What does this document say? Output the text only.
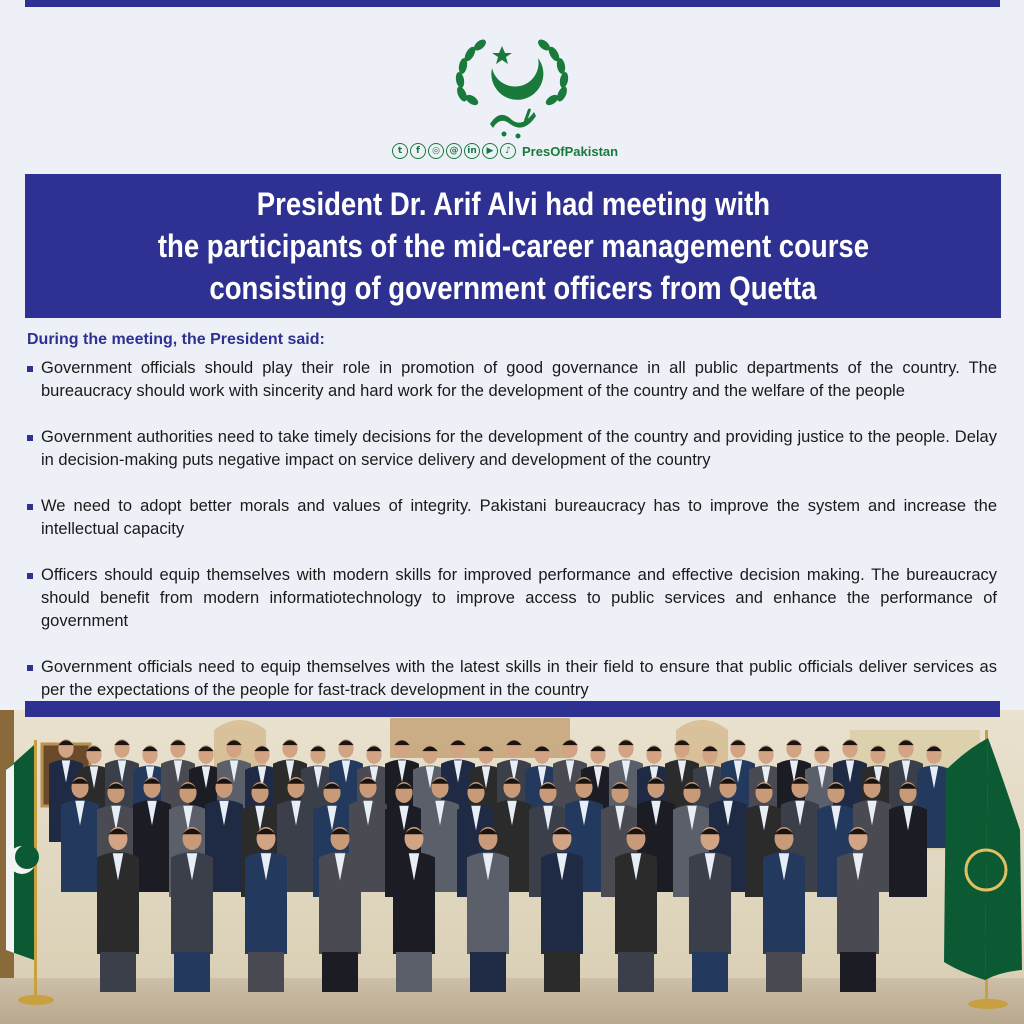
t	f	◎	@ in	▶	♪ PresOfPakistan
President Dr. Arif Alvi had meeting with
the participants of the mid-career management course
consisting of government officers from Quetta
During the meeting, the President said:
Government officials should play their role in promotion of good governance in all public departments of the country. The bureaucracy should work with sincerity and hard work for the development of the country and the welfare of the people
Government authorities need to take timely decisions for the development of the country and providing justice to the people. Delay in decision-making puts negative impact on service delivery and development of the country
We need to adopt better morals and values of integrity. Pakistani bureaucracy has to improve the system and increase the intellectual capacity
Officers should equip themselves with modern skills for improved performance and effective decision making. The bureaucracy should benefit from modern informatiotechnology to improve access to public services and enhance the performance of government
Government officials need to equip themselves with the latest skills in their field to ensure that public officials deliver services as per the expectations of the people for fast-track development in the country
